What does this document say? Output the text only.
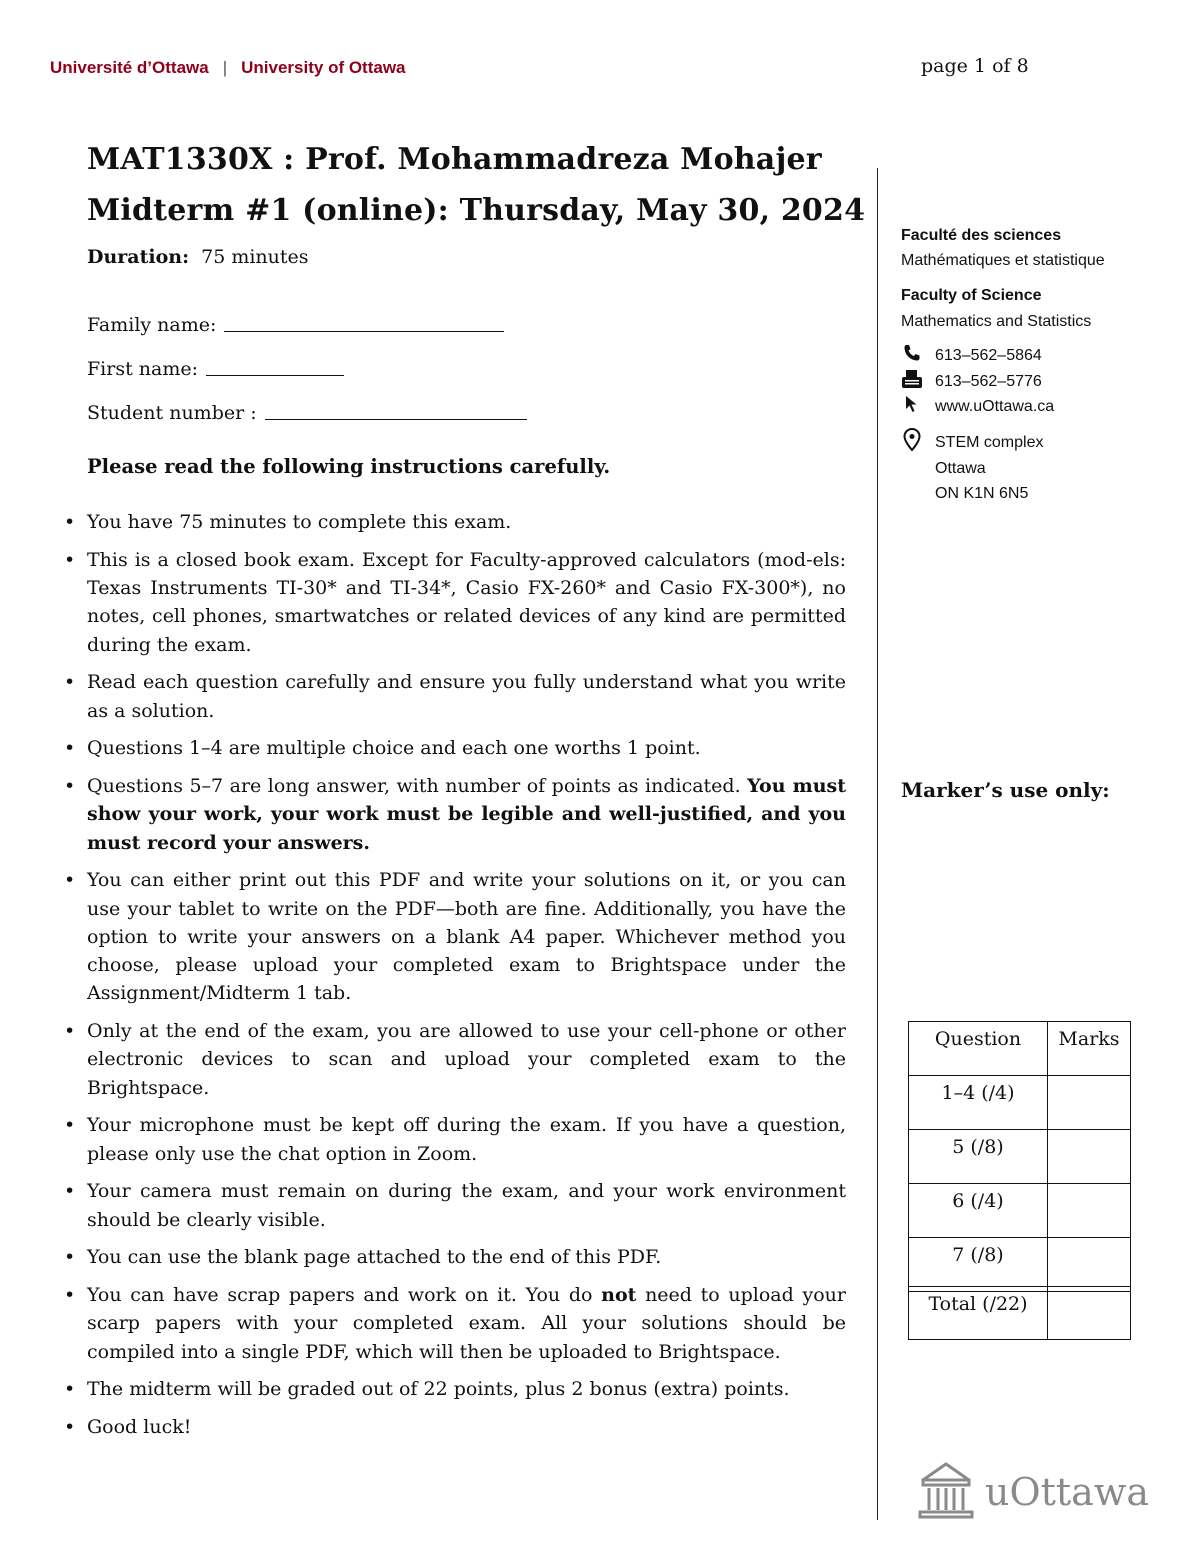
Université d’Ottawa | University of Ottawa	page 1 of 8
MAT1330X : Prof. Mohammadreza Mohajer
Midterm #1 (online): Thursday, May 30, 2024
Duration: 75 minutes
Family name:
First name:
Student number :
Please read the following instructions carefully.
• You have 75 minutes to complete this exam.
• This is a closed book exam. Except for Faculty-approved calculators (mod-els: Texas Instruments TI-30* and TI-34*, Casio FX-260* and Casio FX-300*), no notes, cell phones, smartwatches or related devices of any kind are permitted during the exam.
• Read each question carefully and ensure you fully understand what you write as a solution.
• Questions 1–4 are multiple choice and each one worths 1 point.
• Questions 5–7 are long answer, with number of points as indicated. You must show your work, your work must be legible and well-justified, and you must record your answers.
• You can either print out this PDF and write your solutions on it, or you can use your tablet to write on the PDF—both are fine. Additionally, you have the option to write your answers on a blank A4 paper. Whichever method you choose, please upload your completed exam to Brightspace under the Assignment/Midterm 1 tab.
• Only at the end of the exam, you are allowed to use your cell-phone or other electronic devices to scan and upload your completed exam to the Brightspace.
• Your microphone must be kept off during the exam. If you have a question, please only use the chat option in Zoom.
• Your camera must remain on during the exam, and your work environment should be clearly visible.
• You can use the blank page attached to the end of this PDF.
• You can have scrap papers and work on it. You do not need to upload your scarp papers with your completed exam. All your solutions should be compiled into a single PDF, which will then be uploaded to Brightspace.
• The midterm will be graded out of 22 points, plus 2 bonus (extra) points.
• Good luck!
Faculté des sciences
Mathématiques et statistique
Faculty of Science
Mathematics and Statistics
613–562–5864
613–562–5776
www.uOttawa.ca
STEM complex
Ottawa
ON K1N 6N5
Marker’s use only:
Question	Marks
1–4 (/4)	
5 (/8)	
6 (/4)	
7 (/8)	
Total (/22)	
uOttawa
